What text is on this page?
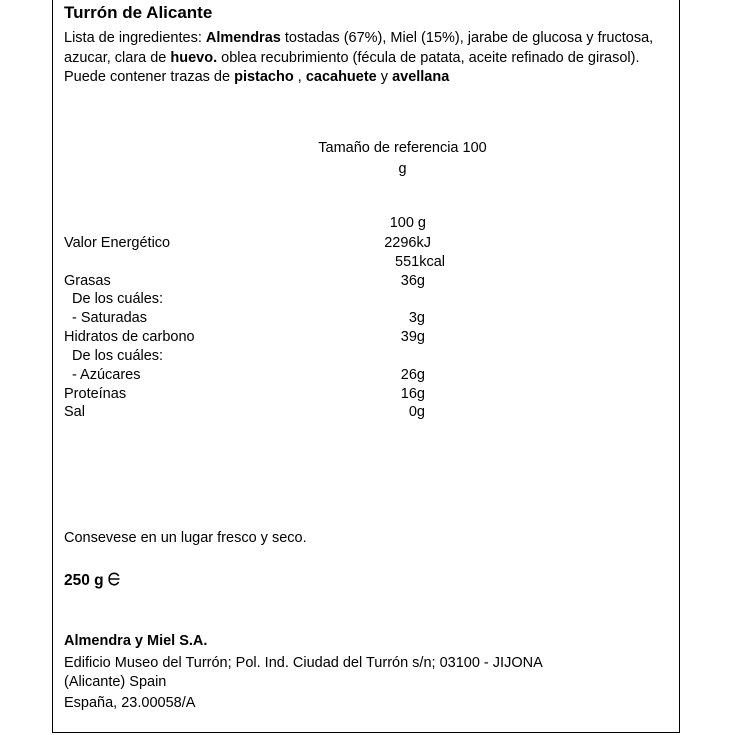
Turrón de Alicante
Lista de ingredientes: Almendras tostadas (67%), Miel (15%), jarabe de glucosa y fructosa, azucar, clara de huevo. oblea recubrimiento (fécula de patata, aceite refinado de girasol). Puede contener trazas de pistacho , cacahuete y avellana
Tamaño de referencia 100
g
100 g
Valor Energético	2296kJ
551kcal
Grasas	36g
De los cuáles:
- Saturadas	3g
Hidratos de carbono	39g
De los cuáles:
- Azúcares	26g
Proteínas	16g
Sal	0g
Consevese en un lugar fresco y seco.
250 g
Almendra y Miel S.A.
Edificio Museo del Turrón; Pol. Ind. Ciudad del Turrón s/n; 03100 - JIJONA
(Alicante) Spain
España, 23.00058/A
